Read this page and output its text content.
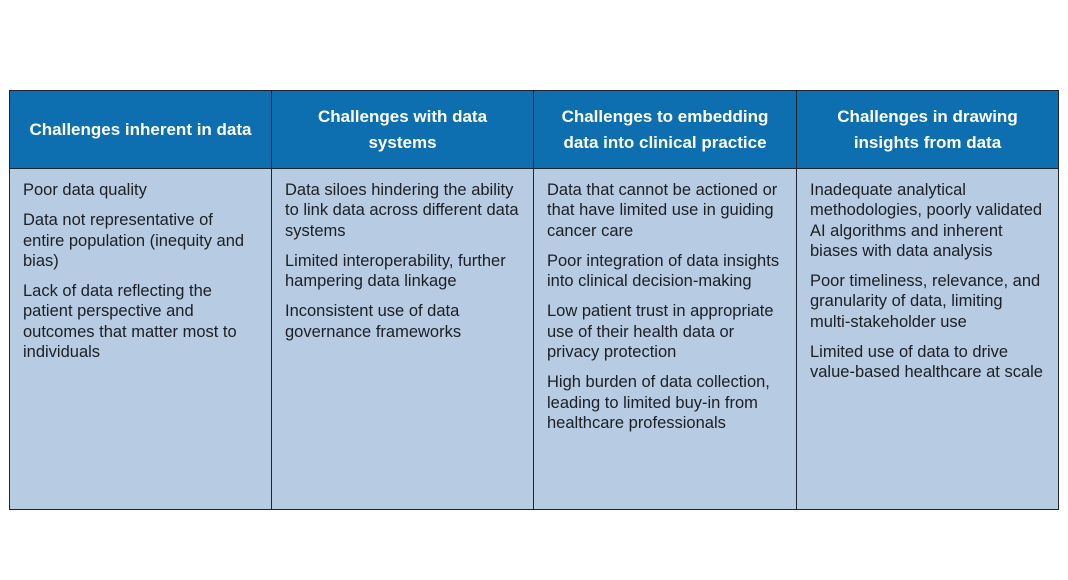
Challenges inherent in data
Challenges with data systems
Challenges to embedding data into clinical practice
Challenges in drawing insights from data
Poor data quality
Data not representative of entire population (inequity and bias)
Lack of data reflecting the patient perspective and outcomes that matter most to individuals
Data siloes hindering the ability to link data across different data systems
Limited interoperability, further hampering data linkage
Inconsistent use of data governance frameworks
Data that cannot be actioned or that have limited use in guiding cancer care
Poor integration of data insights into clinical decision-making
Low patient trust in appropriate use of their health data or privacy protection
High burden of data collection, leading to limited buy-in from healthcare professionals
Inadequate analytical methodologies, poorly validated AI algorithms and inherent biases with data analysis
Poor timeliness, relevance, and granularity of data, limiting multi-stakeholder use
Limited use of data to drive value-based healthcare at scale
